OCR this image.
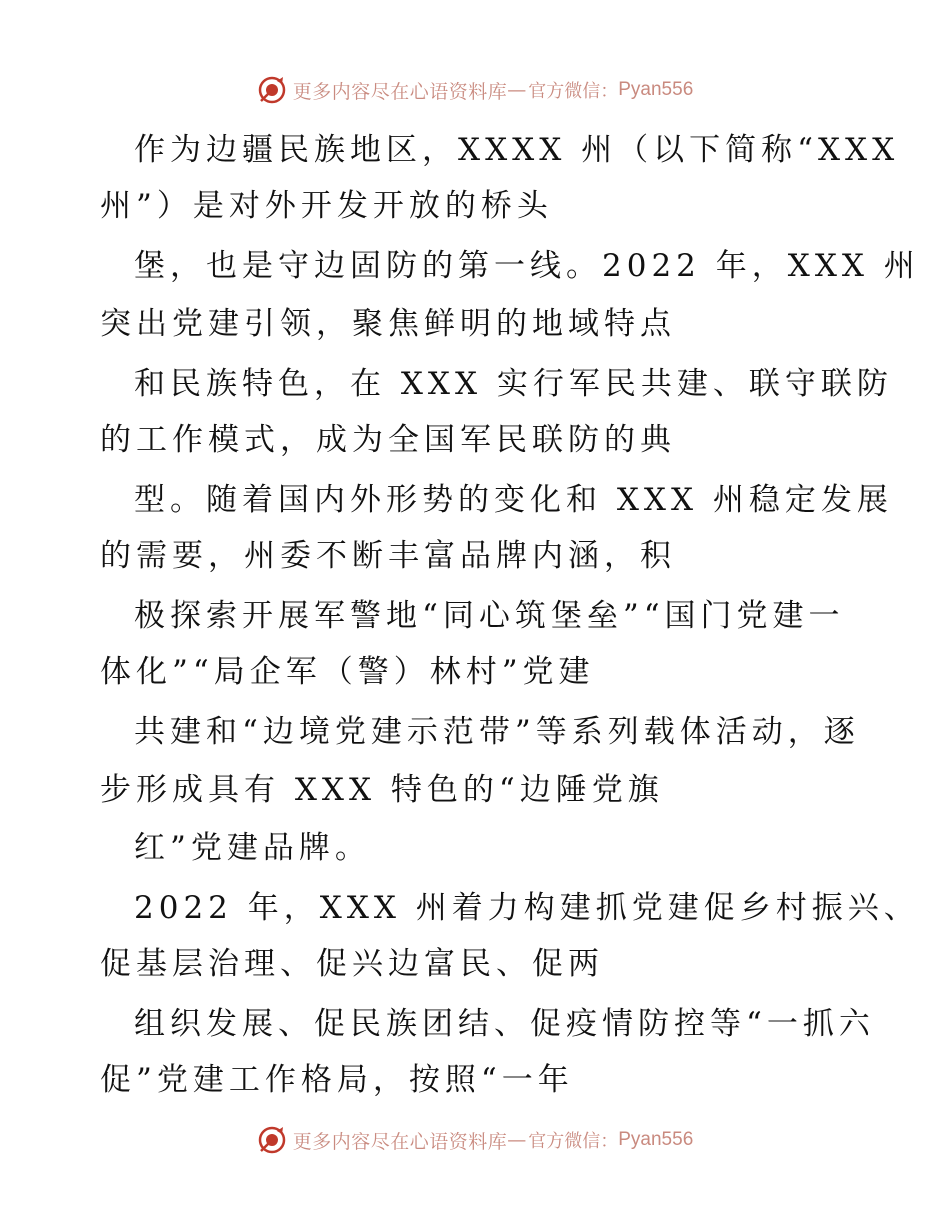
更多内容尽在心语资料库 — 官方微信： Pyan556
作为边疆民族地区，XXXX 州（以下简称“XXX
州”）是对外开发开放的桥头
堡，也是守边固防的第一线。2022 年，XXX 州
突出党建引领，聚焦鲜明的地域特点
和民族特色，在 XXX 实行军民共建、联守联防
的工作模式，成为全国军民联防的典
型。随着国内外形势的变化和 XXX 州稳定发展
的需要，州委不断丰富品牌内涵，积
极探索开展军警地“同心筑堡垒”“国门党建一
体化”“局企军（警）林村”党建
共建和“边境党建示范带”等系列载体活动，逐
步形成具有 XXX 特色的“边陲党旗
红”党建品牌。
2022 年，XXX 州着力构建抓党建促乡村振兴、
促基层治理、促兴边富民、促两
组织发展、促民族团结、促疫情防控等“一抓六
促”党建工作格局，按照“一年
更多内容尽在心语资料库 — 官方微信： Pyan556
